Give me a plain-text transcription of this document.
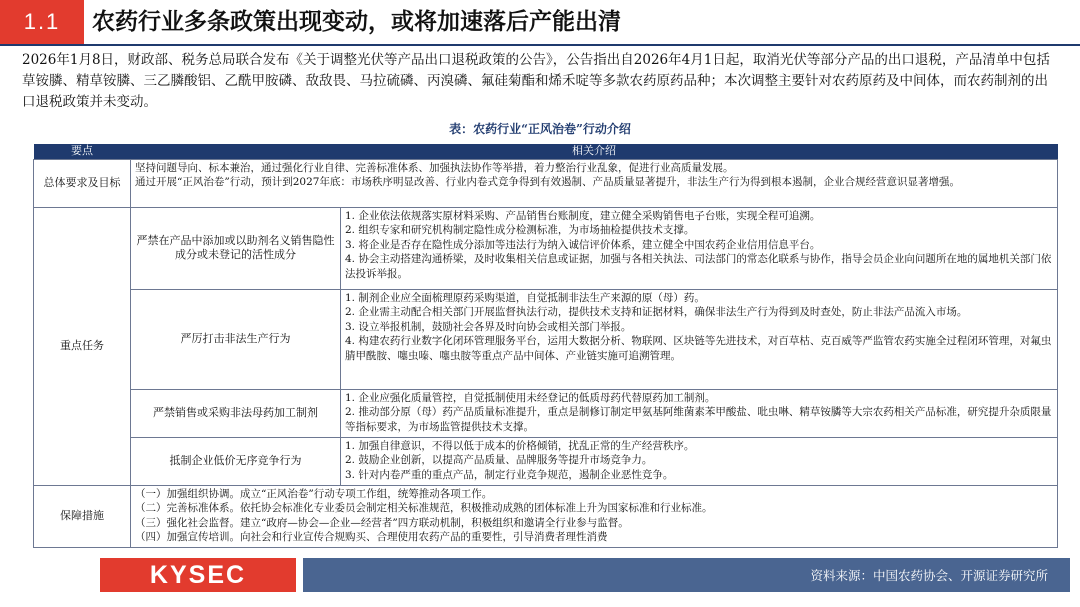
1.1	农药行业多条政策出现变动，或将加速落后产能出清
2026年1月8日，财政部、税务总局联合发布《关于调整光伏等产品出口退税政策的公告》，公告指出自2026年4月1日起，取消光伏等部分产品的出口退税，产品清单中包括草铵膦、精草铵膦、三乙膦酸铝、乙酰甲胺磷、敌敌畏、马拉硫磷、丙溴磷、氟硅菊酯和烯禾啶等多款农药原药品种；本次调整主要针对农药原药及中间体，而农药制剂的出口退税政策并未变动。
表：农药行业“正风治卷”行动介绍
要点	相关介绍	
总体要求及目标	坚持问题导向、标本兼治，通过强化行业自律、完善标准体系、加强执法协作等举措，着力整治行业乱象，促进行业高质量发展。
通过开展“正风治卷”行动，预计到2027年底：市场秩序明显改善、行业内卷式竞争得到有效遏制、产品质量显著提升，非法生产行为得到根本遏制，企业合规经营意识显著增强。	

重点任务	严禁在产品中添加或以助剂名义销售隐性成分或未登记的活性成分	1. 企业依法依规落实原材料采购、产品销售台账制度，建立健全采购销售电子台账，实现全程可追溯。
2. 组织专家和研究机构制定隐性成分检测标准，为市场抽检提供技术支撑。
3. 将企业是否存在隐性成分添加等违法行为纳入诚信评价体系，建立健全中国农药企业信用信息平台。
4. 协会主动搭建沟通桥梁，及时收集相关信息或证据，加强与各相关执法、司法部门的常态化联系与协作，指导会员企业向问题所在地的属地机关部门依法投诉举报。

	严厉打击非法生产行为	1. 制剂企业应全面梳理原药采购渠道，自觉抵制非法生产来源的原（母）药。
2. 企业需主动配合相关部门开展监督执法行动，提供技术支持和证据材料，确保非法生产行为得到及时查处，防止非法产品流入市场。
3. 设立举报机制，鼓励社会各界及时向协会或相关部门举报。
4. 构建农药行业数字化闭环管理服务平台，运用大数据分析、物联网、区块链等先进技术，对百草枯、克百威等严监管农药实施全过程闭环管理，对氟虫腈甲酰胺、噻虫嗪、噻虫胺等重点产品中间体、产业链实施可追溯管理。

	严禁销售或采购非法母药加工制剂	1. 企业应强化质量管控，自觉抵制使用未经登记的低质母药代替原药加工制剂。
2. 推动部分原（母）药产品质量标准提升，重点是制修订制定甲氨基阿维菌素苯甲酸盐、吡虫啉、精草铵膦等大宗农药相关产品标准，研究提升杂质限量等指标要求，为市场监管提供技术支撑。

	抵制企业低价无序竞争行为	1. 加强自律意识，不得以低于成本的价格倾销，扰乱正常的生产经营秩序。
2. 鼓励企业创新，以提高产品质量、品牌服务等提升市场竞争力。
3. 针对内卷严重的重点产品，制定行业竞争规范，遏制企业恶性竞争。

保障措施	（一）加强组织协调。成立“正风治卷”行动专项工作组，统筹推动各项工作。
（二）完善标准体系。依托协会标准化专业委员会制定相关标准规范，积极推动成熟的团体标准上升为国家标准和行业标准。
（三）强化社会监督。建立“政府—协会—企业—经营者”四方联动机制，积极组织和邀请全行业参与监督。
（四）加强宣传培训。向社会和行业宣传合规购买、合理使用农药产品的重要性，引导消费者理性消费	
KYSEC	资料来源：中国农药协会、开源证券研究所
